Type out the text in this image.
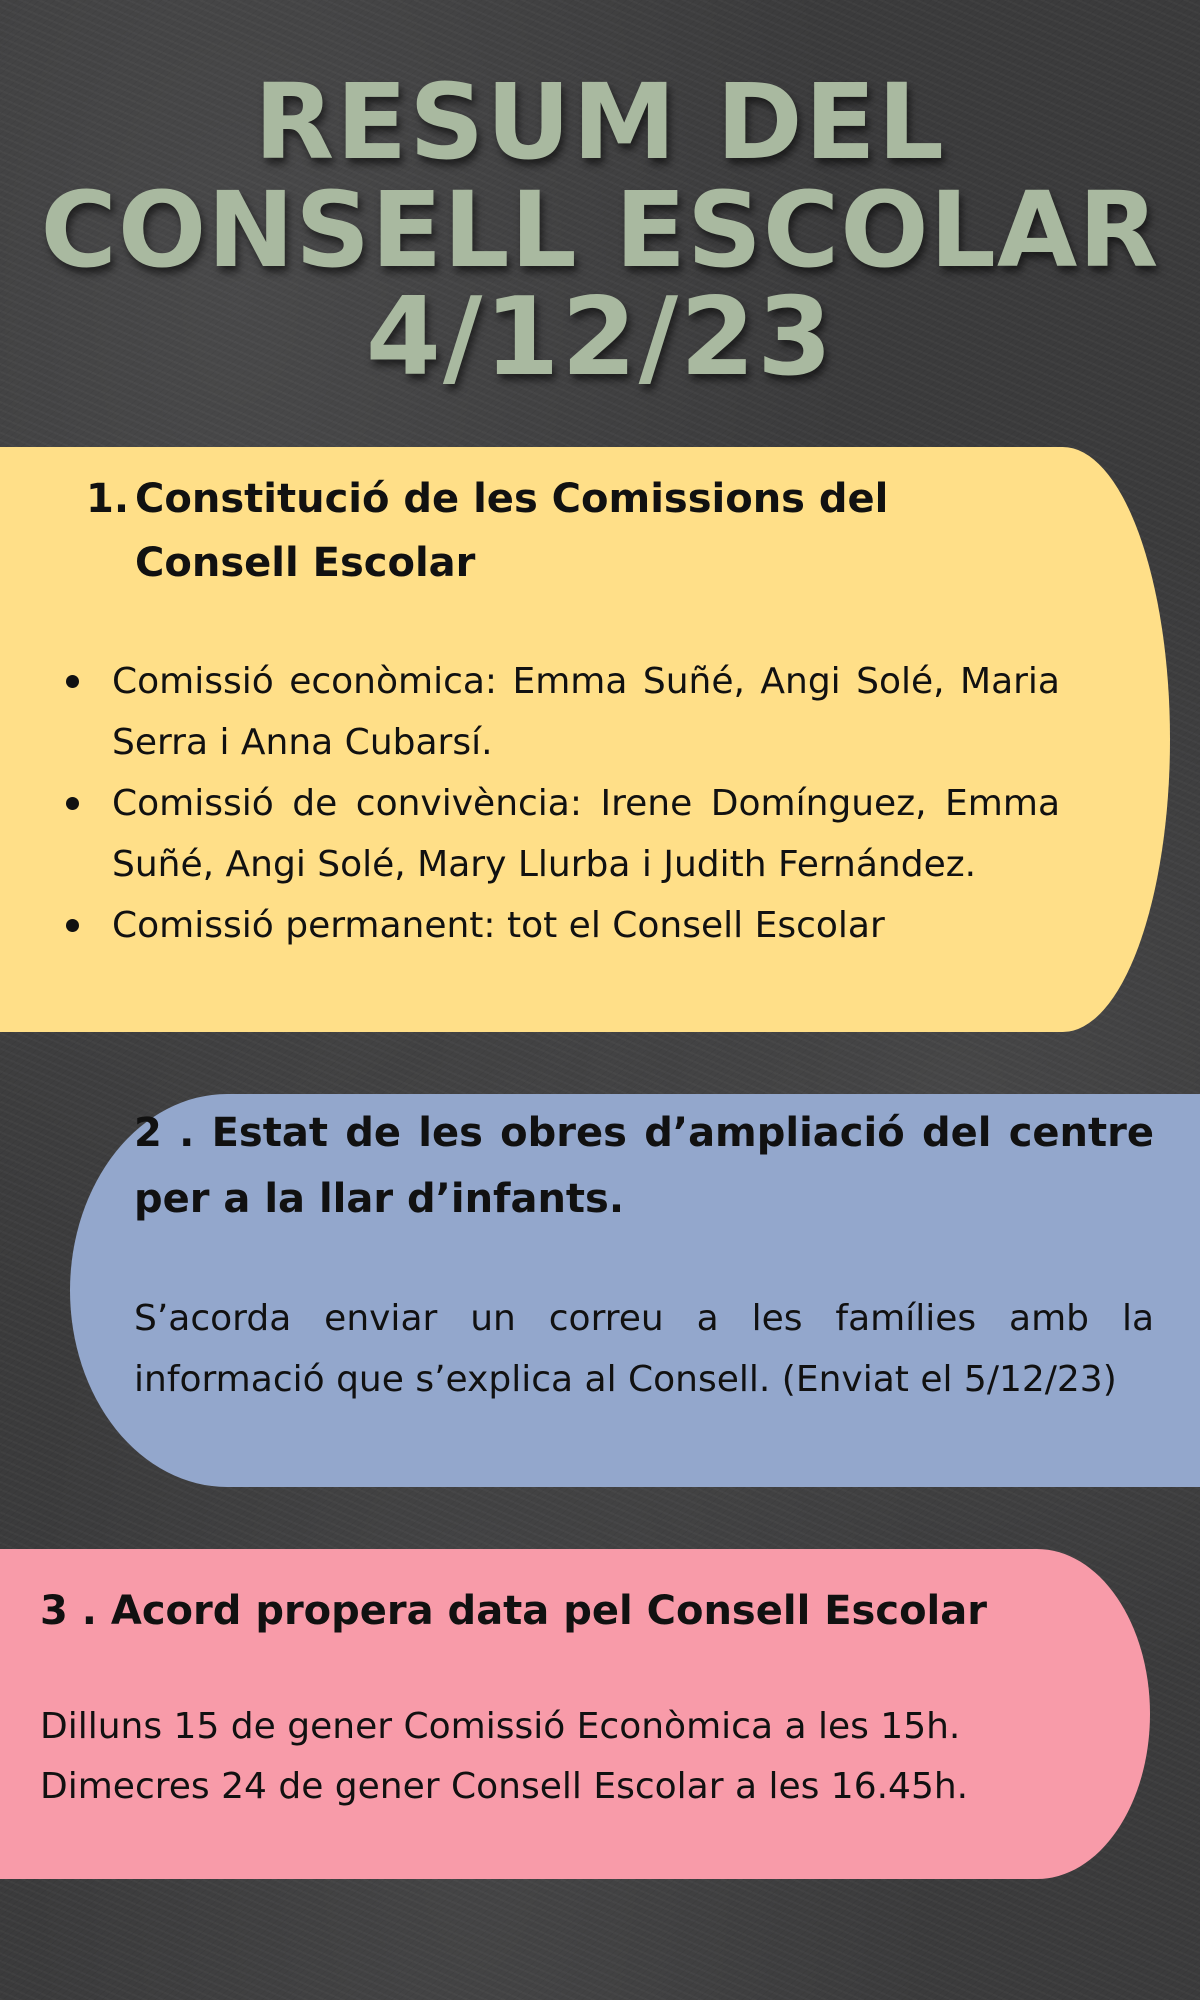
RESUM DEL
CONSELL ESCOLAR
4/12/23
1. Constitució de les Comissions del Consell Escolar
Comissió econòmica: Emma Suñé, Angi Solé, Maria Serra i Anna Cubarsí.
Comissió de convivència: Irene Domínguez, Emma Suñé, Angi Solé, Mary Llurba i Judith Fernández.
Comissió permanent: tot el Consell Escolar
2 . Estat de les obres d’ampliació del centre per a la llar d’infants.

S’acorda enviar un correu a les famílies amb la informació que s’explica al Consell. (Enviat el 5/12/23)

3 . Acord propera data pel Consell Escolar

Dilluns 15 de gener Comissió Econòmica a les 15h.

Dimecres 24 de gener Consell Escolar a les 16.45h.
